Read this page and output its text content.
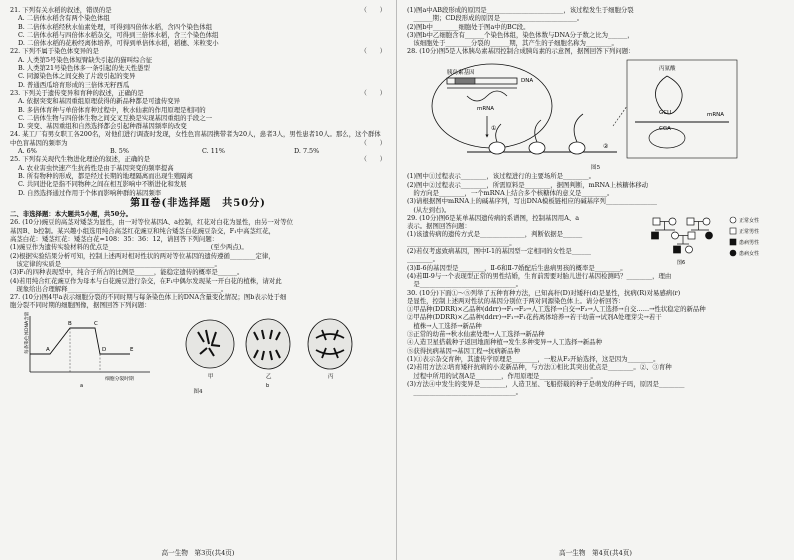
21. 下列有关水稻的叙述，错误的是	（　　）
A. 二倍体水稻含有两个染色体组
B. 二倍体水稻经秋水仙素处理，可得到四倍体水稻，含四个染色体组
C. 二倍体水稻与四倍体水稻杂交，可得到三倍体水稻，含三个染色体组
D. 二倍体水稻的花粉经离体培养，可得到单倍体水稻，稻穗、米粒变小
22. 下列不属于染色体变异的是	（　　）
A. 人类第5号染色体短臂缺失引起的猫叫综合征
B. 人类第21号染色体多一条引起的先天性愚型
C. 同源染色体之间交换了片段引起的变异
D. 普通西瓜培育形成的三倍体无籽西瓜
23. 下列关于遗传变异和育种的叙述，正确的是	（　　）
A. 依据突变和基因重组原理获得的新品种都是可遗传变异
B. 多倍体育种与单倍体育种过程中，秋水仙素的作用原理是相同的
C. 二倍体生物与四倍体生物之间交叉互换是实现基因重组的手段之一
D. 突变、基因重组和自然选择都会引起种群基因频率的改变
24. 某工厂有男女职工各200名，对他们进行调查时发现，女性色盲基因携带者为20人，患者3人，男性患者10人。那么，这个群体中色盲基因的频率为	（　　）
A. 6%	B. 5%	C. 11%	D. 7.5%
25. 下列有关现代生物进化理论的叙述，正确的是	（　　）
A. 农业害虫快速产生抗药性是由于基因突变的频率提高
B. 所有物种的形成，都是经过长期的地理隔离而出现生殖隔离
C. 共同进化是指不同物种之间在相互影响中不断进化和发展
D. 自然选择通过作用于个体而影响种群的基因频率
第Ⅱ卷(非选择题　共50分)
二、非选择题：本大题共5小题，共50分。
26. (10分)豌豆的高茎对矮茎为显性，由一对等位基因A、a控制，红花对白花为显性，由另一对等位
基因B、b控制。某兴趣小组选用纯合高茎红花豌豆和纯合矮茎白花豌豆杂交，F₁中高茎红花，
高茎白花：矮茎红花：矮茎白花=108：35：36：12，请回答下列问题：
(1)豌豆作为遗传实验材料的优点是________________________________(至少两点)。
(2)根据实验结果分析可知，控制上述两对相对性状的两对等位基因的遗传遵循________定律，
　该定律的实质是________________________________________________。
(3)F₁的四种表现型中，纯合子所占的比例是______，能稳定遗传的概率是______。
(4)若用纯合红花豌豆作为母本与白花豌豆进行杂交，在F₁中偶尔发现某一开白花的植株，请对此
　现象给出合理解释________________________________________________。
27. (10分)图4甲a表示细胞分裂的不同时期与每条染色体上的DNA含量变化情况；图b表示处于细
胞分裂不同时期的细胞图像，据图回答下列问题：
A
B	C
D	E
每条染色体DNA含量
细胞分裂时期
a
甲	乙	丙
b
图4
高一生物　第3页(共4页)
(1)图a中AB段形成的原因是________________________，该过程发生于细胞分裂
　______期；CD段形成的原因是________________________。
(2)图b中________细胞处于图a中的BC段。
(3)图b中乙细胞含有______个染色体组，染色体数与DNA分子数之比为______，
　该细胞处于________分裂的______期，其产生的子细胞名称为________。
28. (10分)图5是人体胰岛素基因控制合成胰岛素的示意图，据图回答下列问题：
胰岛素基因
DNA
mRNA
①
②
丙氨酸
GCU
CGA
mRNA
图5
(1)图中①过程表示________，该过程进行的主要场所是________。
(2)图中②过程表示________，所需原料是________，据图判断，mRNA上核糖体移动
　的方向是________，一个mRNA上结合多个核糖体的意义是________。
(3)请根据图中mRNA上的碱基序列，写出DNA模板链相应的碱基序列________________
　(从左到右)。
29. (10分)图6是某单基因遗传病的系谱图，控制基因用A、a
表示。据图回答问题：
(1)该遗传病的遗传方式是______________，判断依据是______
________________________________。
(2)若仅考虑致病基因，图中Ⅰ-1的基因型一定相同的女性是______
________。
正常女性
正常男性
患病男性
患病女性
图6
(3)Ⅱ-6的基因型是________，Ⅱ-6和Ⅱ-7婚配后生患病男孩的概率是________。
(4)若Ⅲ-9与一个表现型正常的男性结婚，生育前需要对胎儿进行基因检测吗？________，理由
　是______________________________。
30. (10分)下面①～⑤列举了五种育种方法，已知高秆(D)对矮秆(d)是显性，抗病(R)对易感病(r)
是显性，控制上述两对性状的基因分别位于两对同源染色体上。请分析回答：
①甲品种(DDRR)×乙品种(ddrr)→F₁→F₂→人工选择→自交→F₃→人工选择→自交……→性状稳定的新品种
②甲品种(DDRR)×乙品种(ddrr)→F₁→F₁花药离体培养→若干幼苗→试剂A处理芽尖→若干
　植株→人工选择→新品种
③正常的幼苗→秋水仙素处理→人工选择→新品种
④人造卫星搭载种子返回地面种植→发生多种变异→人工选择→新品种
⑤获得抗病基因→基因工程→抗病新品种
(1)①表示杂交育种，其遗传学原理是________，一般从F₂开始选择，这是因为________。
(2)若用方法②培育矮秆抗病的小麦新品种，与方法①相比其突出优点是________。②、③育种
　过程中所用的试剂A是________，作用原理是________________。
(3)方法④中发生的变异是________，人造卫星、飞船搭载的种子是萌发的种子吗，原因是________
　________________________________。
高一生物　第4页(共4页)
